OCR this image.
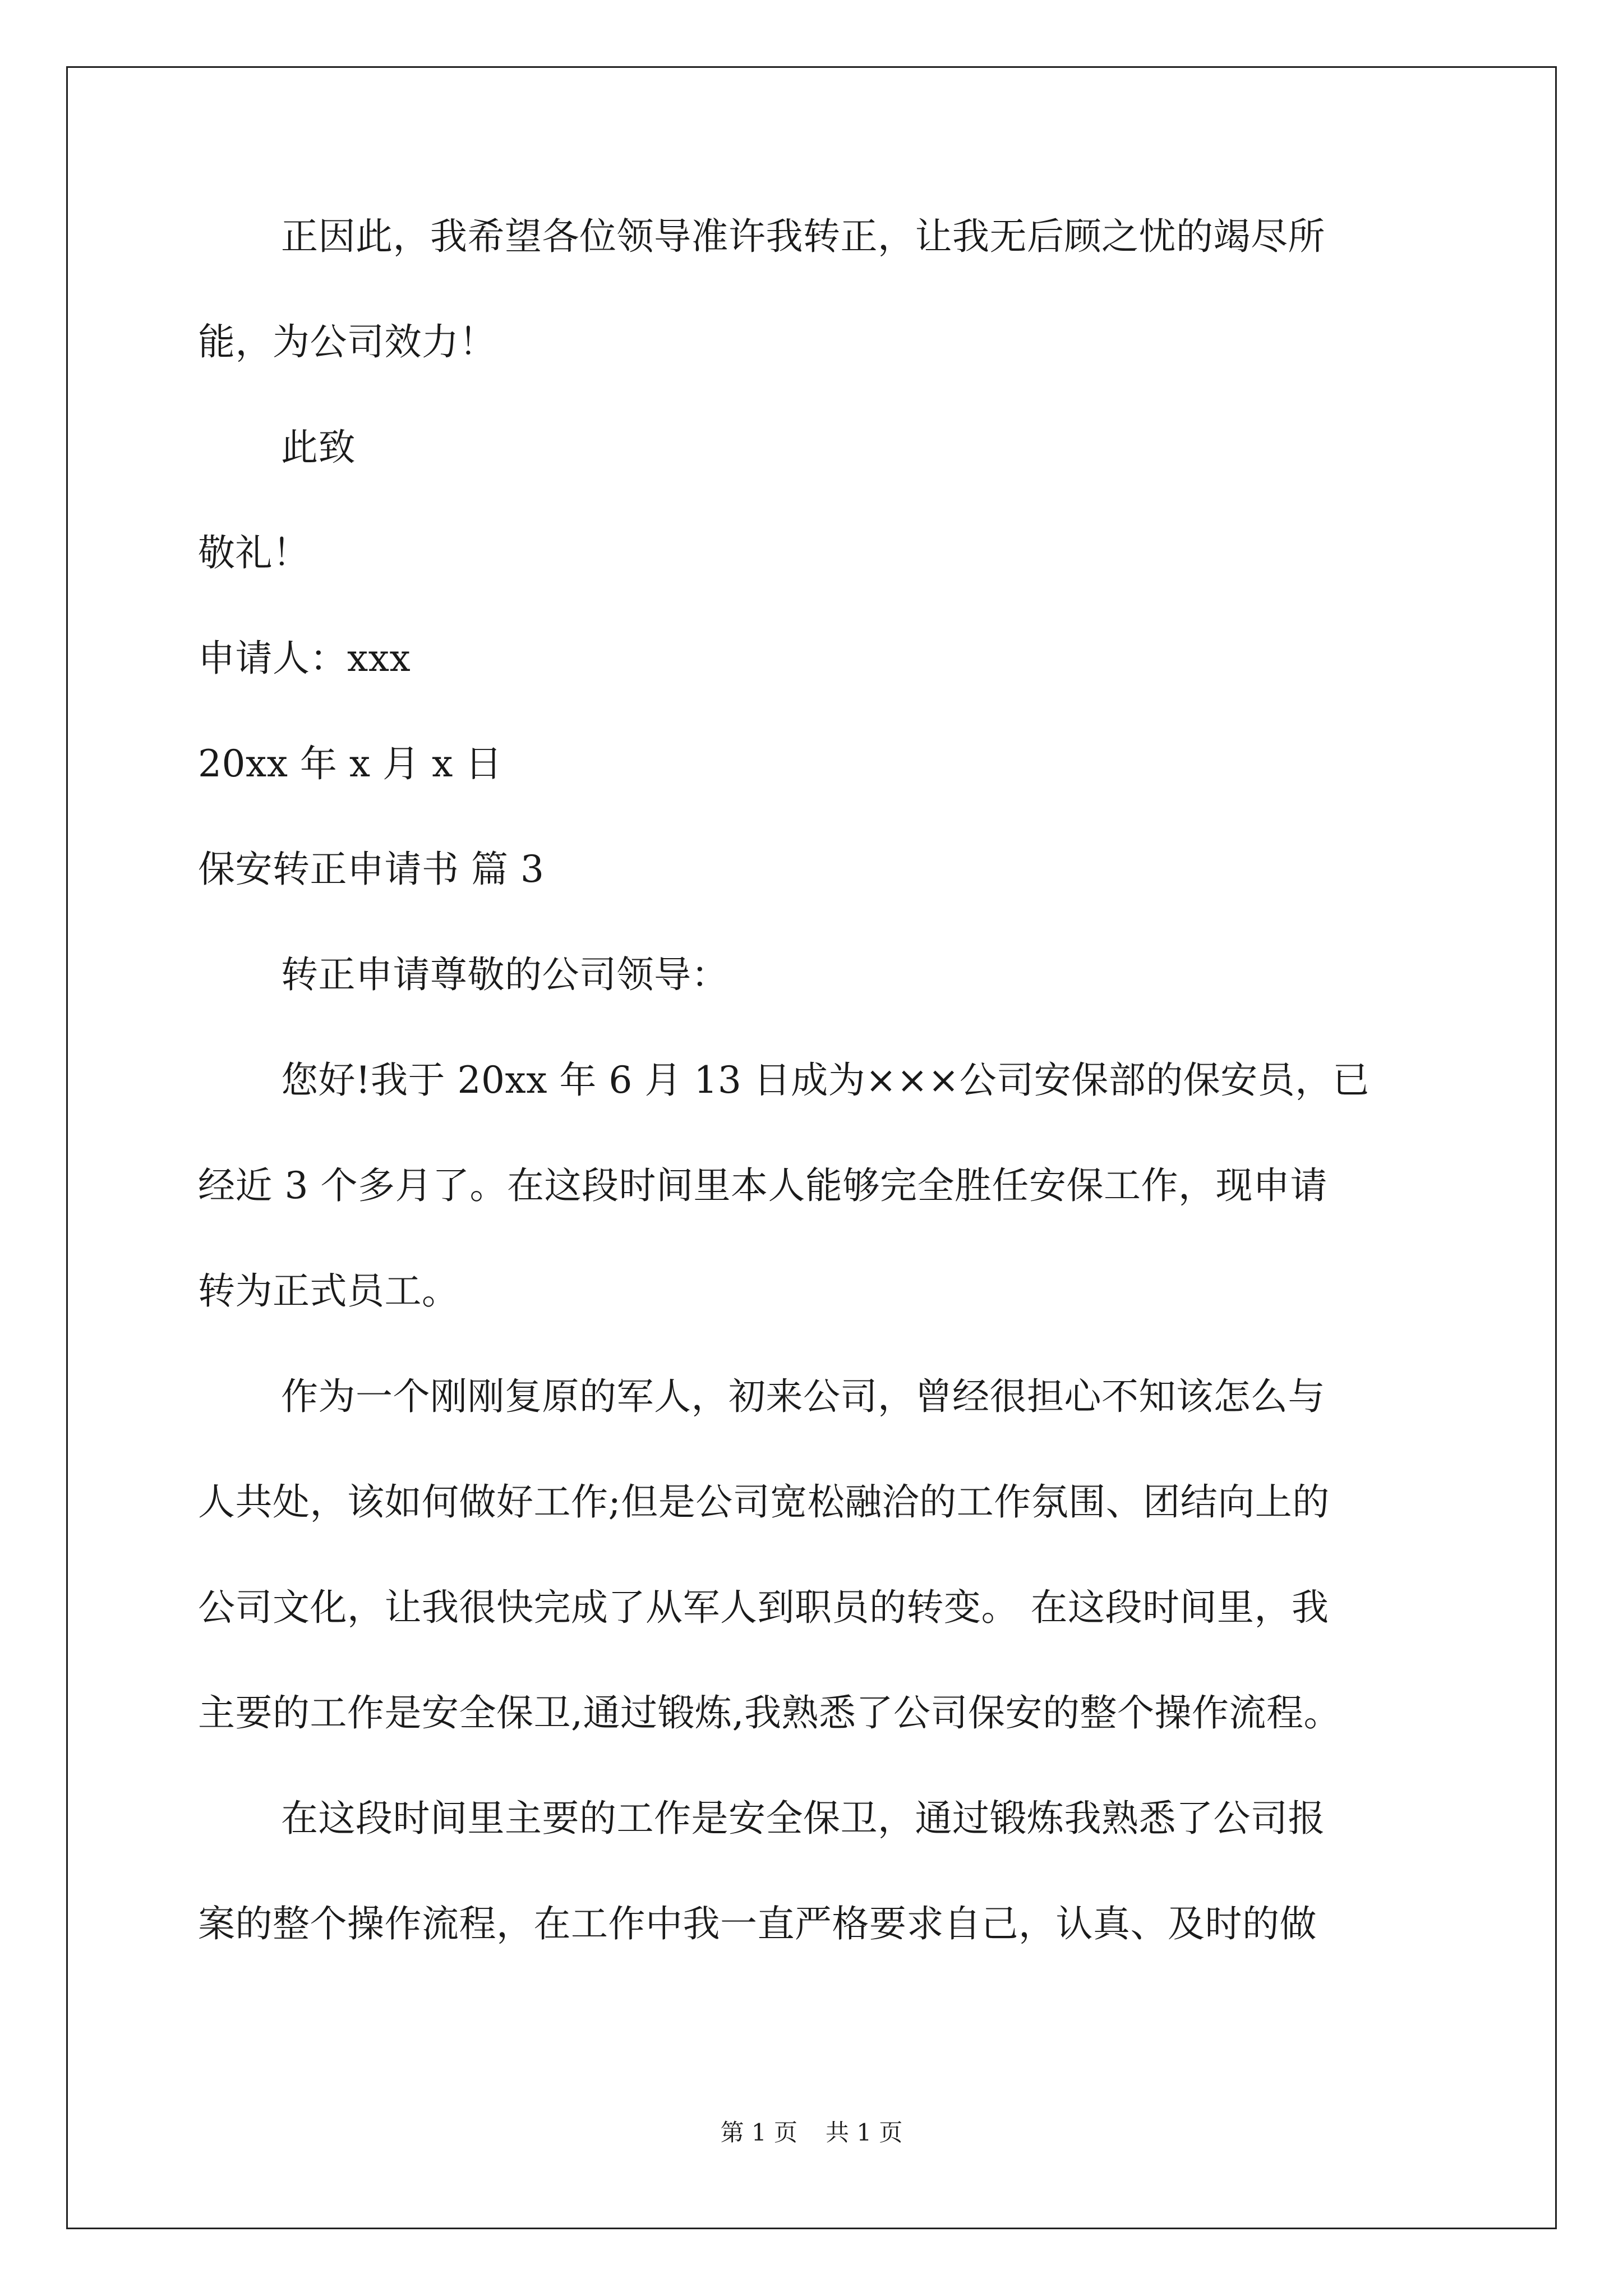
正因此，我希望各位领导准许我转正，让我无后顾之忧的竭尽所
能，为公司效力！
此致
敬礼！
申请人：xxx
20xx 年 x 月 x 日
保安转正申请书 篇 3
转正申请尊敬的公司领导：
您好!我于 20xx 年 6 月 13 日成为×××公司安保部的保安员，已
经近 3 个多月了。在这段时间里本人能够完全胜任安保工作，现申请
转为正式员工。
作为一个刚刚复原的军人，初来公司，曾经很担心不知该怎么与
人共处，该如何做好工作;但是公司宽松融洽的工作氛围、团结向上的
公司文化，让我很快完成了从军人到职员的转变。 在这段时间里，我
主要的工作是安全保卫,通过锻炼,我熟悉了公司保安的整个操作流程。
在这段时间里主要的工作是安全保卫，通过锻炼我熟悉了公司报
案的整个操作流程，在工作中我一直严格要求自己，认真、及时的做
第 1 页 共 1 页
